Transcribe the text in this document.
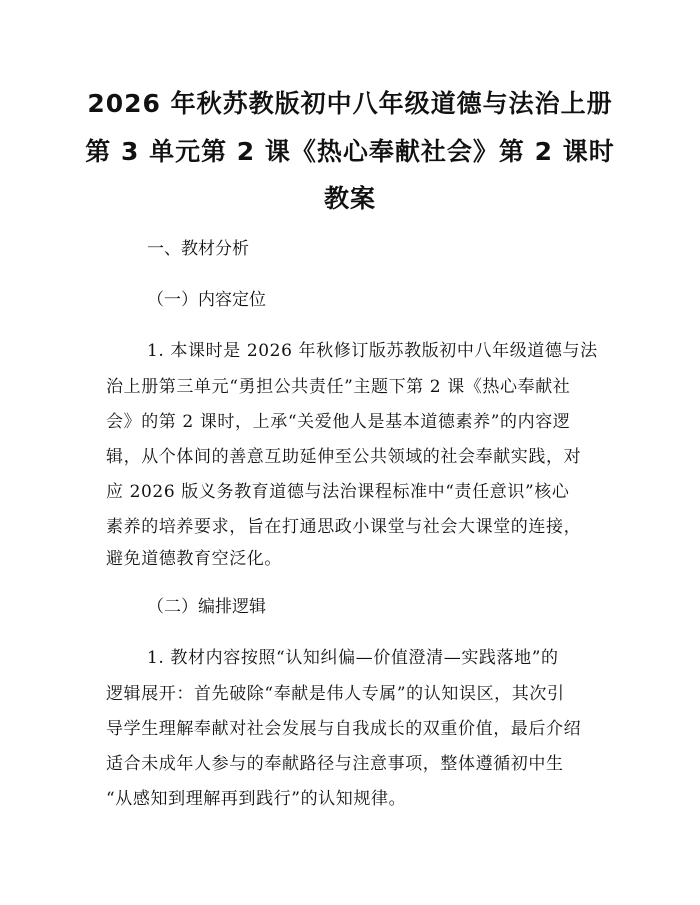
2026 年秋苏教版初中八年级道德与法治上册
第 3 单元第 2 课《热心奉献社会》第 2 课时
教案
一、教材分析
（一）内容定位
1. 本课时是 2026 年秋修订版苏教版初中八年级道德与法
治上册第三单元“勇担公共责任”主题下第 2 课《热心奉献社
会》的第 2 课时，上承“关爱他人是基本道德素养”的内容逻
辑，从个体间的善意互助延伸至公共领域的社会奉献实践，对
应 2026 版义务教育道德与法治课程标准中“责任意识”核心
素养的培养要求，旨在打通思政小课堂与社会大课堂的连接，
避免道德教育空泛化。
（二）编排逻辑
1. 教材内容按照“认知纠偏—价值澄清—实践落地”的
逻辑展开：首先破除“奉献是伟人专属”的认知误区，其次引
导学生理解奉献对社会发展与自我成长的双重价值，最后介绍
适合未成年人参与的奉献路径与注意事项，整体遵循初中生
“从感知到理解再到践行”的认知规律。
